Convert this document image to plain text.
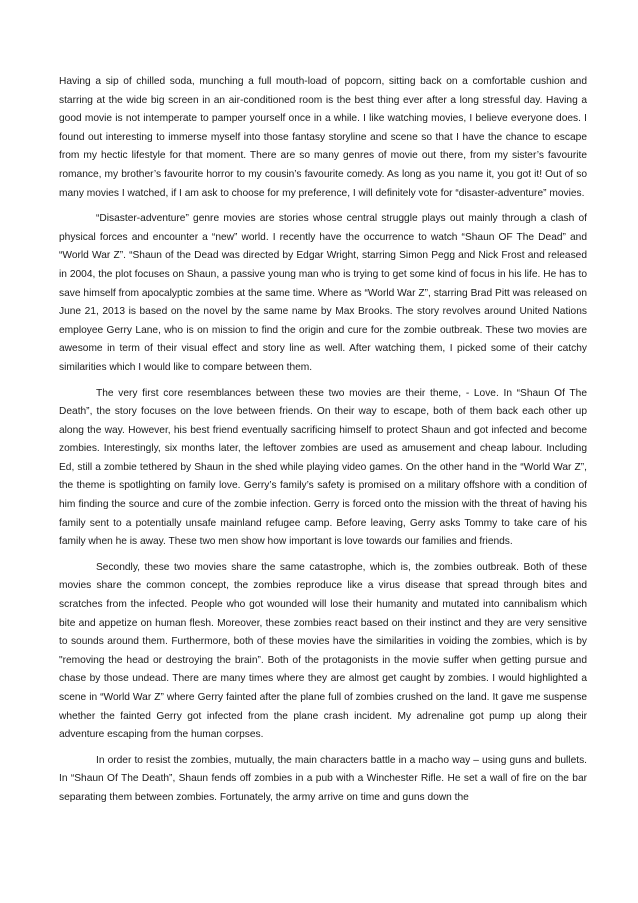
Having a sip of chilled soda, munching a full mouth-load of popcorn, sitting back on a comfortable cushion and starring at the wide big screen in an air-conditioned room is the best thing ever after a long stressful day. Having a good movie is not intemperate to pamper yourself once in a while. I like watching movies, I believe everyone does. I found out interesting to immerse myself into those fantasy storyline and scene so that I have the chance to escape from my hectic lifestyle for that moment. There are so many genres of movie out there, from my sister’s favourite romance, my brother’s favourite horror to my cousin’s favourite comedy. As long as you name it, you got it! Out of so many movies I watched, if I am ask to choose for my preference, I will definitely vote for “disaster-adventure” movies.

“Disaster-adventure” genre movies are stories whose central struggle plays out mainly through a clash of physical forces and encounter a “new” world. I recently have the occurrence to watch “Shaun OF The Dead” and “World War Z”. “Shaun of the Dead was directed by Edgar Wright, starring Simon Pegg and Nick Frost and released in 2004, the plot focuses on Shaun, a passive young man who is trying to get some kind of focus in his life. He has to save himself from apocalyptic zombies at the same time. Where as “World War Z”, starring Brad Pitt was released on June 21, 2013 is based on the novel by the same name by Max Brooks. The story revolves around United Nations employee Gerry Lane, who is on mission to find the origin and cure for the zombie outbreak. These two movies are awesome in term of their visual effect and story line as well. After watching them, I picked some of their catchy similarities which I would like to compare between them.

The very first core resemblances between these two movies are their theme, - Love. In “Shaun Of The Death”, the story focuses on the love between friends. On their way to escape, both of them back each other up along the way. However, his best friend eventually sacrificing himself to protect Shaun and got infected and become zombies. Interestingly, six months later, the leftover zombies are used as amusement and cheap labour. Including Ed, still a zombie tethered by Shaun in the shed while playing video games. On the other hand in the “World War Z”, the theme is spotlighting on family love. Gerry’s family’s safety is promised on a military offshore with a condition of him finding the source and cure of the zombie infection. Gerry is forced onto the mission with the threat of having his family sent to a potentially unsafe mainland refugee camp. Before leaving, Gerry asks Tommy to take care of his family when he is away. These two men show how important is love towards our families and friends.

Secondly, these two movies share the same catastrophe, which is, the zombies outbreak. Both of these movies share the common concept, the zombies reproduce like a virus disease that spread through bites and scratches from the infected. People who got wounded will lose their humanity and mutated into cannibalism which bite and appetize on human flesh. Moreover, these zombies react based on their instinct and they are very sensitive to sounds around them. Furthermore, both of these movies have the similarities in voiding the zombies, which is by "removing the head or destroying the brain”. Both of the protagonists in the movie suffer when getting pursue and chase by those undead. There are many times where they are almost get caught by zombies. I would highlighted a scene in “World War Z” where Gerry fainted after the plane full of zombies crushed on the land. It gave me suspense whether the fainted Gerry got infected from the plane crash incident. My adrenaline got pump up along their adventure escaping from the human corpses.

In order to resist the zombies, mutually, the main characters battle in a macho way – using guns and bullets. In “Shaun Of The Death”, Shaun fends off zombies in a pub with a Winchester Rifle. He set a wall of fire on the bar separating them between zombies. Fortunately, the army arrive on time and guns down the
